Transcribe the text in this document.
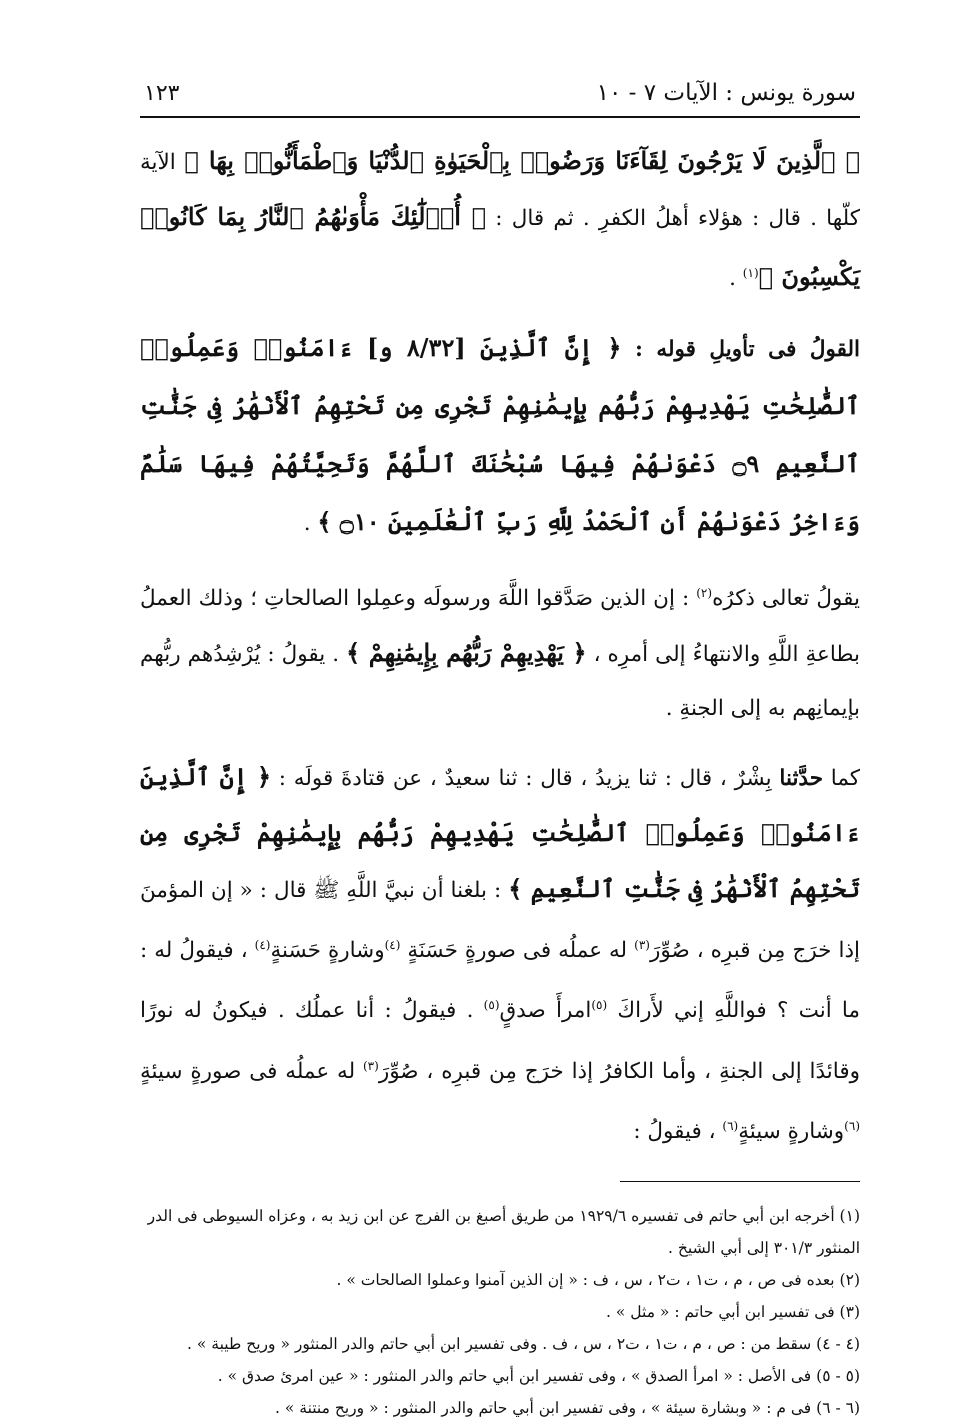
سورة يونس : الآيات ٧ - ١٠
١٢٣

﴿ ٱلَّذِينَ لَا يَرْجُونَ لِقَآءَنَا وَرَضُوا۟ بِٱلْحَيَوٰةِ ٱلدُّنْيَا وَٱطْمَأَنُّوا۟ بِهَا ﴾ الآية كلّها . قال : هؤلاء أهلُ الكفرِ . ثم قال : ﴿ أُو۟لَٰٓئِكَ مَأْوَىٰهُمُ ٱلنَّارُ بِمَا كَانُوا۟ يَكْسِبُونَ ﴾$^{(١)}$ .

القولُ فى تأويلِ قوله : ﴿ إِنَّ ٱلَّذِينَ [٨/٣٢ و] ءَامَنُوا۟ وَعَمِلُوا۟ ٱلصَّٰلِحَٰتِ يَهْدِيهِمْ رَبُّهُم بِإِيمَٰنِهِمْ تَجْرِى مِن تَحْتِهِمُ ٱلْأَنْهَٰرُ فِى جَنَّٰتِ ٱلنَّعِيمِ ۝٩ دَعْوَىٰهُمْ فِيهَا سُبْحَٰنَكَ ٱللَّهُمَّ وَتَحِيَّتُهُمْ فِيهَا سَلَٰمٌ وَءَاخِرُ دَعْوَىٰهُمْ أَنِ ٱلْحَمْدُ لِلَّهِ رَبِّ ٱلْعَٰلَمِينَ ۝١٠ ﴾ .

يقولُ تعالى ذكرُه$^{(٢)}$ : إن الذين صَدَّقوا اللَّهَ ورسولَه وعمِلوا الصالحاتِ ؛ وذلك العملُ بطاعةِ اللَّهِ والانتهاءُ إلى أمرِه ، ﴿ يَهْدِيهِمْ رَبُّهُم بِإِيمَٰنِهِمْ ﴾ . يقولُ : يُرْشِدُهم ربُّهم بإيمانِهم به إلى الجنةِ .

كما حدَّثنا بِشْرٌ ، قال : ثنا يزيدُ ، قال : ثنا سعيدٌ ، عن قتادةَ قولَه : ﴿ إِنَّ ٱلَّذِينَ ءَامَنُوا۟ وَعَمِلُوا۟ ٱلصَّٰلِحَٰتِ يَهْدِيهِمْ رَبُّهُم بِإِيمَٰنِهِمْ تَجْرِى مِن تَحْتِهِمُ ٱلْأَنْهَٰرُ فِى جَنَّٰتِ ٱلنَّعِيمِ ﴾ : بلغنا أن نبيَّ اللَّهِ ﷺ قال : « إن المؤمنَ إذا خرَج مِن قبرِه ، صُوِّرَ$^{(٣)}$ له عملُه فى صورةٍ حَسَنَةٍ $^{(٤)}$وشارةٍ حَسَنةٍ$^{(٤)}$ ، فيقولُ له : ما أنت ؟ فواللَّهِ إني لأَراكَ $^{(٥)}$امرأَ صدقٍ$^{(٥)}$ . فيقولُ : أنا عملُك . فيكونُ له نورًا وقائدًا إلى الجنةِ ، وأما الكافرُ إذا خرَج مِن قبرِه ، صُوِّرَ$^{(٣)}$ له عملُه فى صورةٍ سيئةٍ $^{(٦)}$وشارةٍ سيئةٍ$^{(٦)}$ ، فيقولُ :

(١) أخرجه ابن أبي حاتم فى تفسيره ١٩٢٩/٦ من طريق أصبغ بن الفرج عن ابن زيد به ، وعزاه السيوطى فى الدر المنثور ٣٠١/٣ إلى أبي الشيخ .

(٢) بعده فى ص ، م ، ت١ ، ت٢ ، س ، ف : « إن الذين آمنوا وعملوا الصالحات » .

(٣) فى تفسير ابن أبي حاتم : « مثل » .

(٤ - ٤) سقط من : ص ، م ، ت١ ، ت٢ ، س ، ف . وفى تفسير ابن أبي حاتم والدر المنثور « وريح طيبة » .

(٥ - ٥) فى الأصل : « امرأ الصدق » ، وفى تفسير ابن أبي حاتم والدر المنثور : « عين امرئ صدق » .

(٦ - ٦) فى م : « وبشارة سيئة » ، وفى تفسير ابن أبي حاتم والدر المنثور : « وريح منتنة » .
